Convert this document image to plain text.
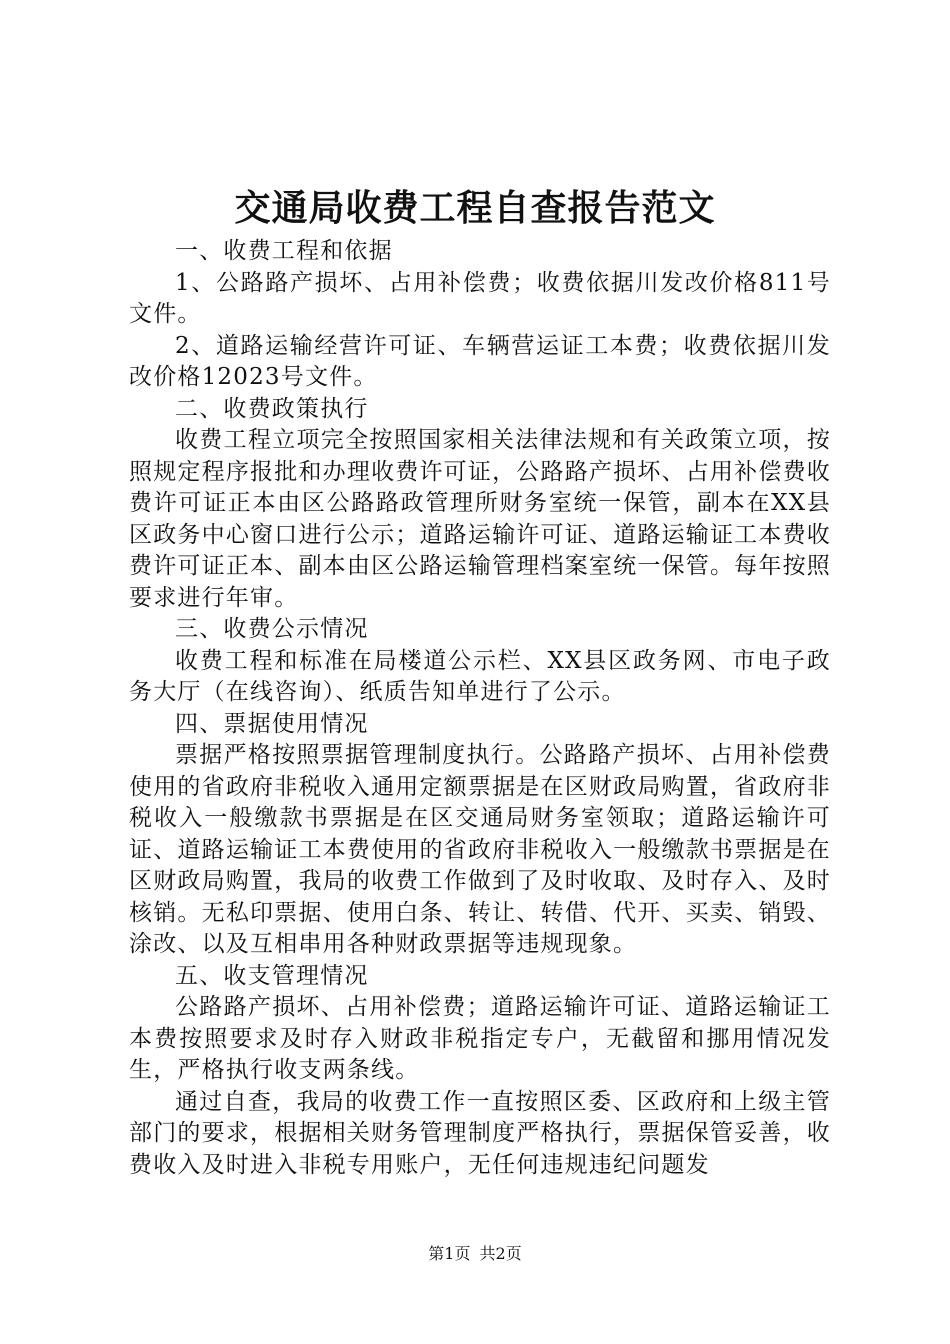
交通局收费工程自查报告范文

一、收费工程和依据

1、公路路产损坏、占用补偿费；收费依据川发改价格811号文件。

2、道路运输经营许可证、车辆营运证工本费；收费依据川发改价格12023号文件。

二、收费政策执行

收费工程立项完全按照国家相关法律法规和有关政策立项，按照规定程序报批和办理收费许可证，公路路产损坏、占用补偿费收费许可证正本由区公路路政管理所财务室统一保管，副本在XX县区政务中心窗口进行公示；道路运输许可证、道路运输证工本费收费许可证正本、副本由区公路运输管理档案室统一保管。每年按照要求进行年审。

三、收费公示情况

收费工程和标准在局楼道公示栏、XX县区政务网、市电子政务大厅（在线咨询）、纸质告知单进行了公示。

四、票据使用情况

票据严格按照票据管理制度执行。公路路产损坏、占用补偿费使用的省政府非税收入通用定额票据是在区财政局购置，省政府非税收入一般缴款书票据是在区交通局财务室领取；道路运输许可证、道路运输证工本费使用的省政府非税收入一般缴款书票据是在区财政局购置，我局的收费工作做到了及时收取、及时存入、及时核销。无私印票据、使用白条、转让、转借、代开、买卖、销毁、涂改、以及互相串用各种财政票据等违规现象。

五、收支管理情况

公路路产损坏、占用补偿费；道路运输许可证、道路运输证工本费按照要求及时存入财政非税指定专户，无截留和挪用情况发生，严格执行收支两条线。

通过自查，我局的收费工作一直按照区委、区政府和上级主管部门的要求，根据相关财务管理制度严格执行，票据保管妥善，收费收入及时进入非税专用账户，无任何违规违纪问题发

第1页 共2页
